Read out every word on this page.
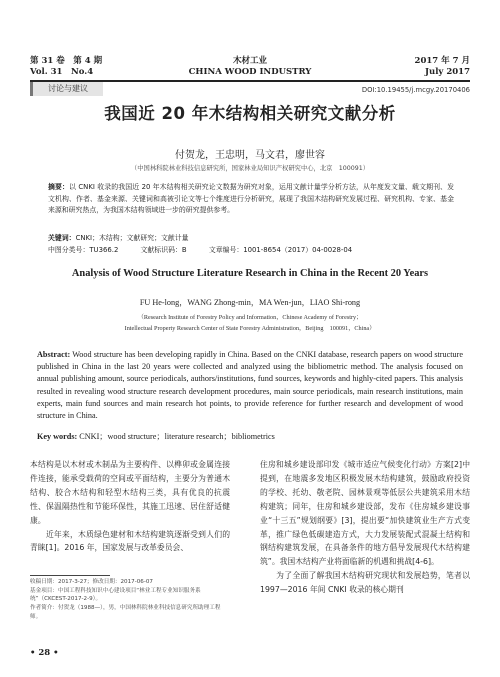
第 31 卷　第 4 期
Vol. 31　No.4
木材工业
CHINA WOOD INDUSTRY
2017 年 7 月
July 2017
讨论与建议	DOI:10.19455/j.mcgy.20170406
我国近 20 年木结构相关研究文献分析
付贺龙，王忠明，马文君，廖世容
（中国林科院林业科技信息研究所，国家林业局知识产权研究中心，北京　100091）
摘要：以 CNKI 收录的我国近 20 年木结构相关研究论文数据为研究对象，运用文献计量学分析方法，从年度发文量、载文期刊、发文机构、作者、基金来源、关键词和高被引论文等七个维度进行分析研究，展现了我国木结构研究发展过程、研究机构、专家、基金来源和研究热点，为我国木结构领域进一步的研究提供参考。
关键词：CNKI；木结构；文献研究；文献计量
中图分类号：TU366.2	文献标识码：B	文章编号：1001-8654（2017）04-0028-04
Analysis of Wood Structure Literature Research in China in the Recent 20 Years
FU He-long，WANG Zhong-min，MA Wen-jun，LIAO Shi-rong
（Research Institute of Forestry Policy and Information，Chinese Academy of Forestry；
Intellectual Property Research Center of State Forestry Administration，Beijing　100091，China）
Abstract: Wood structure has been developing rapidly in China. Based on the CNKI database, research papers on wood structure published in China in the last 20 years were collected and analyzed using the bibliometric method. The analysis focused on annual publishing amount, source periodicals, authors/institutions, fund sources, keywords and highly-cited papers. This analysis resulted in revealing wood structure research development procedures, main source periodicals, main research institutions, main experts, main fund sources and main research hot points, to provide reference for further research and development of wood structure in China.
Key words: CNKI；wood structure；literature research；bibliometrics
本结构是以木材或木制品为主要构件、以榫卯或金属连接件连接，能承受载荷的空间或平面结构，主要分为普通木结构、胶合木结构和轻型木结构三类，具有优良的抗震性、保温隔热性和节能环保性，其施工迅速、居住舒适健康。
　　近年来，木质绿色建材和木结构建筑逐渐受到人们的青睐[1]。2016 年，国家发展与改革委员会、
住房和城乡建设部印发《城市适应气候变化行动》方案[2]中提到，在地震多发地区积极发展木结构建筑，鼓励政府投资的学校、托幼、敬老院、园林景观等低层公共建筑采用木结构建筑；同年，住房和城乡建设部，发布《住房城乡建设事业“十三五”规划纲要》[3]，提出要“加快建筑业生产方式变革，推广绿色低碳建造方式，大力发展装配式混凝土结构和钢结构建筑发展，在具备条件的地方倡导发展现代木结构建筑”。我国木结构产业将面临新的机遇和挑战[4-6]。
　　为了全面了解我国木结构研究现状和发展趋势，笔者以 1997—2016 年间 CNKI 收录的核心期刊
收稿日期：2017-3-27；修改日期：2017-06-07
基金项目：中国工程科技知识中心建设项目“林业工程专业知识服务系统”（CKCEST-2017-2-9）。
作者简介：付贺龙（1988—），男，中国林科院林业科技信息研究所助理工程师。
• 28 •
